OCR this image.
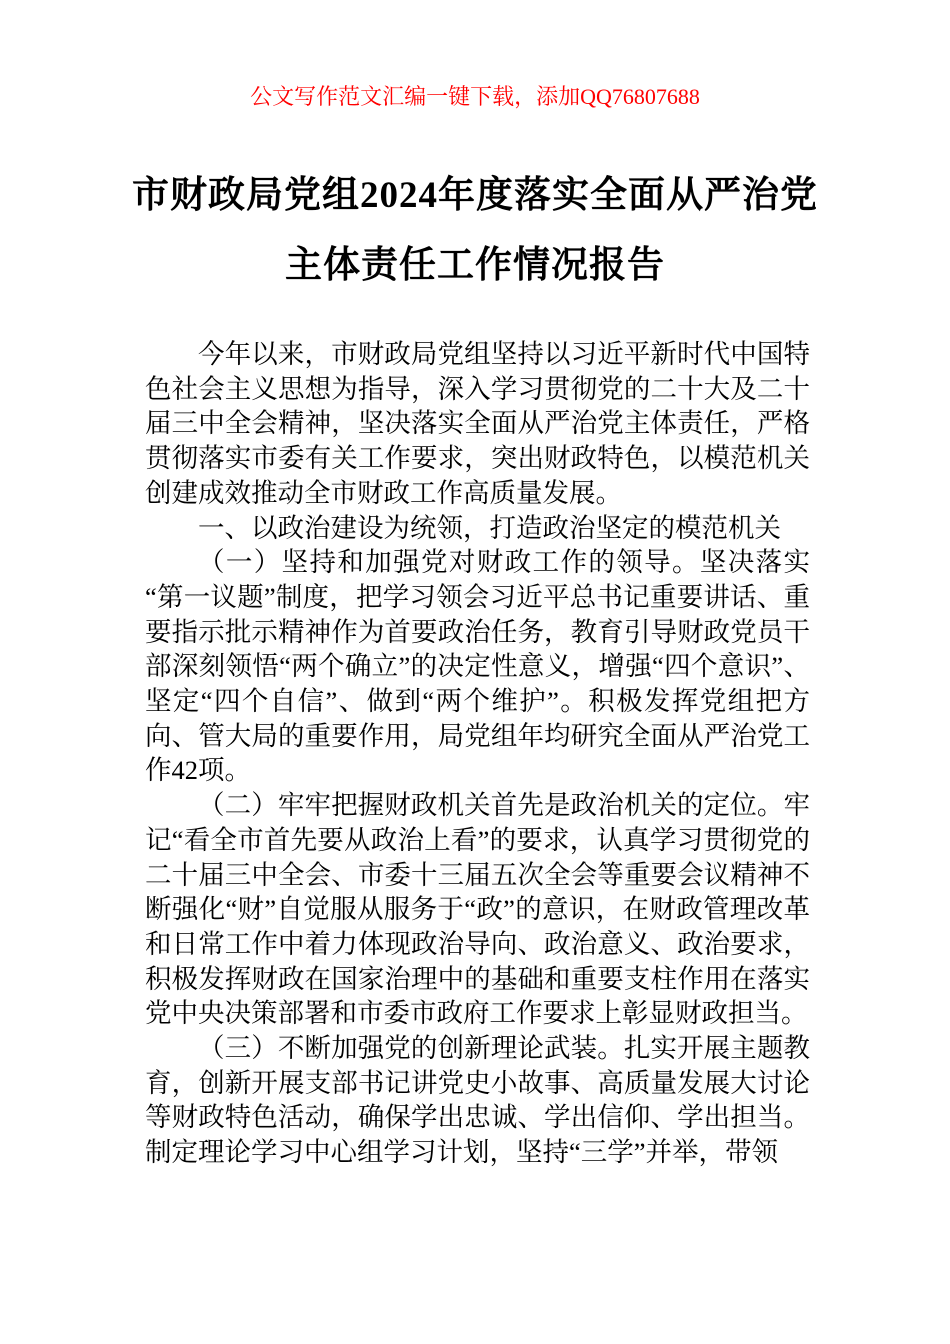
公文写作范文汇编一键下载，添加QQ76807688
市财政局党组2024年度落实全面从严治党
主体责任工作情况报告

今年以来，市财政局党组坚持以习近平新时代中国特色社会主义思想为指导，深入学习贯彻党的二十大及二十届三中全会精神，坚决落实全面从严治党主体责任，严格贯彻落实市委有关工作要求，突出财政特色，以模范机关创建成效推动全市财政工作高质量发展。

一、以政治建设为统领，打造政治坚定的模范机关

（一）坚持和加强党对财政工作的领导。坚决落实“第一议题”制度，把学习领会习近平总书记重要讲话、重要指示批示精神作为首要政治任务，教育引导财政党员干部深刻领悟“两个确立”的决定性意义，增强“四个意识”、坚定“四个自信”、做到“两个维护”。积极发挥党组把方向、管大局的重要作用，局党组年均研究全面从严治党工作42项。

（二）牢牢把握财政机关首先是政治机关的定位。牢记“看全市首先要从政治上看”的要求，认真学习贯彻党的二十届三中全会、市委十三届五次全会等重要会议精神不断强化“财”自觉服从服务于“政”的意识，在财政管理改革和日常工作中着力体现政治导向、政治意义、政治要求，积极发挥财政在国家治理中的基础和重要支柱作用在落实党中央决策部署和市委市政府工作要求上彰显财政担当。

（三）不断加强党的创新理论武装。扎实开展主题教育，创新开展支部书记讲党史小故事、高质量发展大讨论等财政特色活动，确保学出忠诚、学出信仰、学出担当。制定理论学习中心组学习计划，坚持“三学”并举，带领
